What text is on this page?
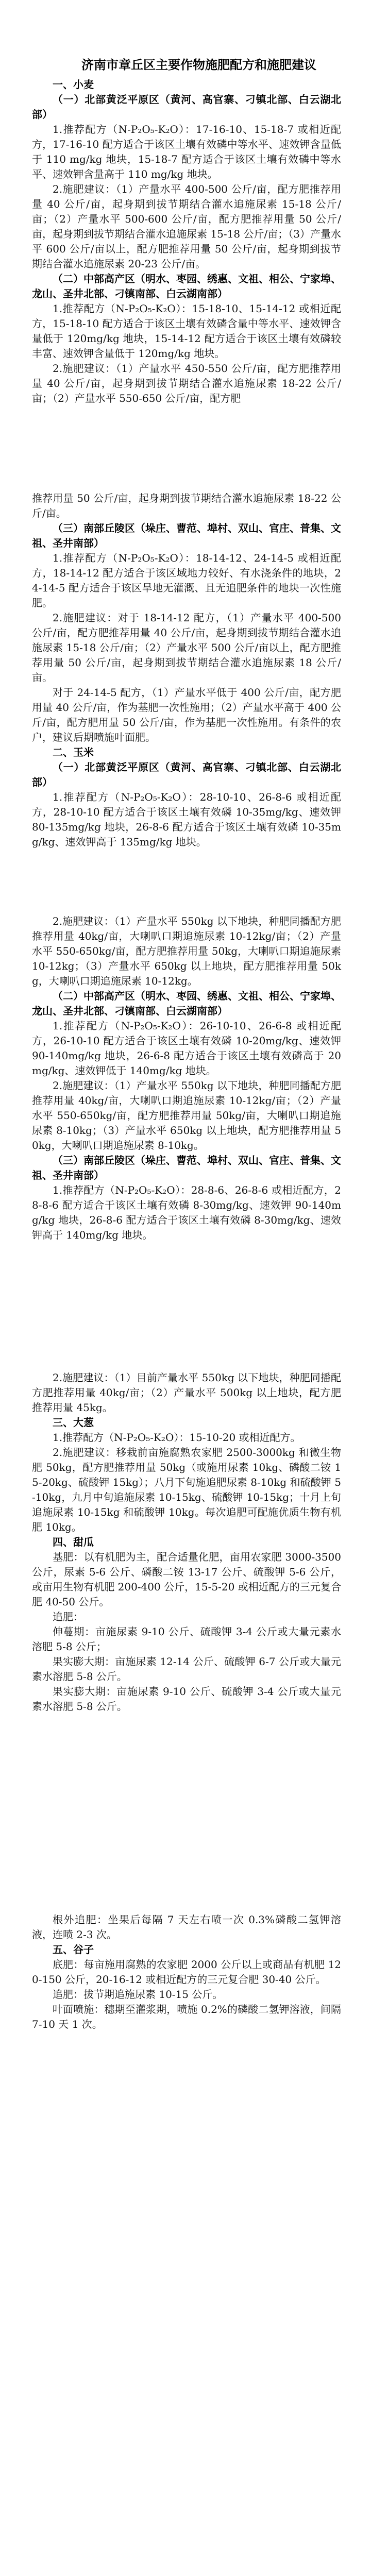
济南市章丘区主要作物施肥配方和施肥建议

一、小麦

（一）北部黄泛平原区（黄河、高官寨、刁镇北部、白云湖北部）

1.推荐配方（N-P₂O₅-K₂O）：17-16-10、15-18-7 或相近配方，17-16-10 配方适合于该区土壤有效磷中等水平、速效钾含量低于 110 mg/kg 地块，15-18-7 配方适合于该区土壤有效磷中等水平、速效钾含量高于 110 mg/kg 地块。

2.施肥建议：（1）产量水平 400-500 公斤/亩，配方肥推荐用量 40 公斤/亩，起身期到拔节期结合灌水追施尿素 15-18 公斤/亩；（2）产量水平 500-600 公斤/亩，配方肥推荐用量 50 公斤/亩，起身期到拔节期结合灌水追施尿素 15-18 公斤/亩；（3）产量水平 600 公斤/亩以上，配方肥推荐用量 50 公斤/亩，起身期到拔节期结合灌水追施尿素 20-23 公斤/亩。

（二）中部高产区（明水、枣园、绣惠、文祖、相公、宁家埠、龙山、圣井北部、刁镇南部、白云湖南部）

1.推荐配方（N-P₂O₅-K₂O）：15-18-10、15-14-12 或相近配方，15-18-10 配方适合于该区土壤有效磷含量中等水平、速效钾含量低于 120mg/kg 地块，15-14-12 配方适合于该区土壤有效磷较丰富、速效钾含量低于 120mg/kg 地块。

2.施肥建议：（1）产量水平 450-550 公斤/亩，配方肥推荐用量 40 公斤/亩，起身期到拔节期结合灌水追施尿素 18-22 公斤/亩；（2）产量水平 550-650 公斤/亩，配方肥

推荐用量 50 公斤/亩，起身期到拔节期结合灌水追施尿素 18-22 公斤/亩。

（三）南部丘陵区（垛庄、曹范、埠村、双山、官庄、普集、文祖、圣井南部）

1.推荐配方（N-P₂O₅-K₂O）：18-14-12、24-14-5 或相近配方，18-14-12 配方适合于该区域地力较好、有水浇条件的地块，24-14-5 配方适合于该区旱地无灌溉、且无追肥条件的地块一次性施肥。

2.施肥建议：对于 18-14-12 配方，（1）产量水平 400-500 公斤/亩，配方肥推荐用量 40 公斤/亩，起身期到拔节期结合灌水追施尿素 15-18 公斤/亩；（2）产量水平 500 公斤/亩以上，配方肥推荐用量 50 公斤/亩，起身期到拔节期结合灌水追施尿素 18 公斤/亩。

对于 24-14-5 配方，（1）产量水平低于 400 公斤/亩，配方肥用量 40 公斤/亩，作为基肥一次性施用；（2）产量水平高于 400 公斤/亩，配方肥用量 50 公斤/亩，作为基肥一次性施用。有条件的农户，建议后期喷施叶面肥。

二、玉米

（一）北部黄泛平原区（黄河、高官寨、刁镇北部、白云湖北部）

1.推荐配方（N-P₂O₅-K₂O）：28-10-10、26-8-6 或相近配方，28-10-10 配方适合于该区土壤有效磷 10-35mg/kg、速效钾 80-135mg/kg 地块，26-8-6 配方适合于该区土壤有效磷 10-35mg/kg、速效钾高于 135mg/kg 地块。

2.施肥建议：（1）产量水平 550kg 以下地块，种肥同播配方肥推荐用量 40kg/亩，大喇叭口期追施尿素 10-12kg/亩；（2）产量水平 550-650kg/亩，配方肥推荐用量 50kg，大喇叭口期追施尿素 10-12kg；（3）产量水平 650kg 以上地块，配方肥推荐用量 50kg，大喇叭口期追施尿素 10-12kg。

（二）中部高产区（明水、枣园、绣惠、文祖、相公、宁家埠、龙山、圣井北部、刁镇南部、白云湖南部）

1.推荐配方（N-P₂O₅-K₂O）：26-10-10、26-6-8 或相近配方，26-10-10 配方适合于该区土壤有效磷 10-20mg/kg、速效钾 90-140mg/kg 地块，26-6-8 配方适合于该区土壤有效磷高于 20mg/kg、速效钾低于 140mg/kg 地块。

2.施肥建议：（1）产量水平 550kg 以下地块，种肥同播配方肥推荐用量 40kg/亩，大喇叭口期追施尿素 10-12kg/亩；（2）产量水平 550-650kg/亩，配方肥推荐用量 50kg/亩，大喇叭口期追施尿素 8-10kg；（3）产量水平 650kg 以上地块，配方肥推荐用量 50kg，大喇叭口期追施尿素 8-10kg。

（三）南部丘陵区（垛庄、曹范、埠村、双山、官庄、普集、文祖、圣井南部）

1.推荐配方（N-P₂O₅-K₂O）：28-8-6、26-8-6 或相近配方，28-8-6 配方适合于该区土壤有效磷 8-30mg/kg、速效钾 90-140mg/kg 地块，26-8-6 配方适合于该区土壤有效磷 8-30mg/kg、速效钾高于 140mg/kg 地块。

2.施肥建议：（1）目前产量水平 550kg 以下地块，种肥同播配方肥推荐用量 40kg/亩；（2）产量水平 500kg 以上地块，配方肥推荐用量 45kg。

三、大葱

1.推荐配方（N-P₂O₅-K₂O）：15-10-20 或相近配方。

2.施肥建议：移栽前亩施腐熟农家肥 2500-3000kg 和微生物肥 50kg，配方肥推荐用量 50kg（或施用尿素 10kg、磷酸二铵 15-20kg、硫酸钾 15kg）；八月下旬施追肥尿素 8-10kg 和硫酸钾 5-10kg，九月中旬追施尿素 10-15kg、硫酸钾 10-15kg；十月上旬追施尿素 10-15kg 和硫酸钾 10kg。每次追肥可配施优质生物有机肥 10kg。

四、甜瓜

基肥：以有机肥为主，配合适量化肥，亩用农家肥 3000-3500 公斤，尿素 5-6 公斤、磷酸二铵 13-17 公斤、硫酸钾 5-6 公斤，或亩用生物有机肥 200-400 公斤，15-5-20 或相近配方的三元复合肥 40-50 公斤。

追肥：

伸蔓期：亩施尿素 9-10 公斤、硫酸钾 3-4 公斤或大量元素水溶肥 5-8 公斤；

果实膨大期：亩施尿素 12-14 公斤、硫酸钾 6-7 公斤或大量元素水溶肥 5-8 公斤。

果实膨大期：亩施尿素 9-10 公斤、硫酸钾 3-4 公斤或大量元素水溶肥 5-8 公斤。

根外追肥：坐果后每隔 7 天左右喷一次 0.3%磷酸二氢钾溶液，连喷 2-3 次。

五、谷子

底肥：每亩施用腐熟的农家肥 2000 公斤以上或商品有机肥 120-150 公斤，20-16-12 或相近配方的三元复合肥 30-40 公斤。

追肥：拔节期追施尿素 10-15 公斤。

叶面喷施：穗期至灌浆期，喷施 0.2%的磷酸二氢钾溶液，间隔 7-10 天 1 次。
